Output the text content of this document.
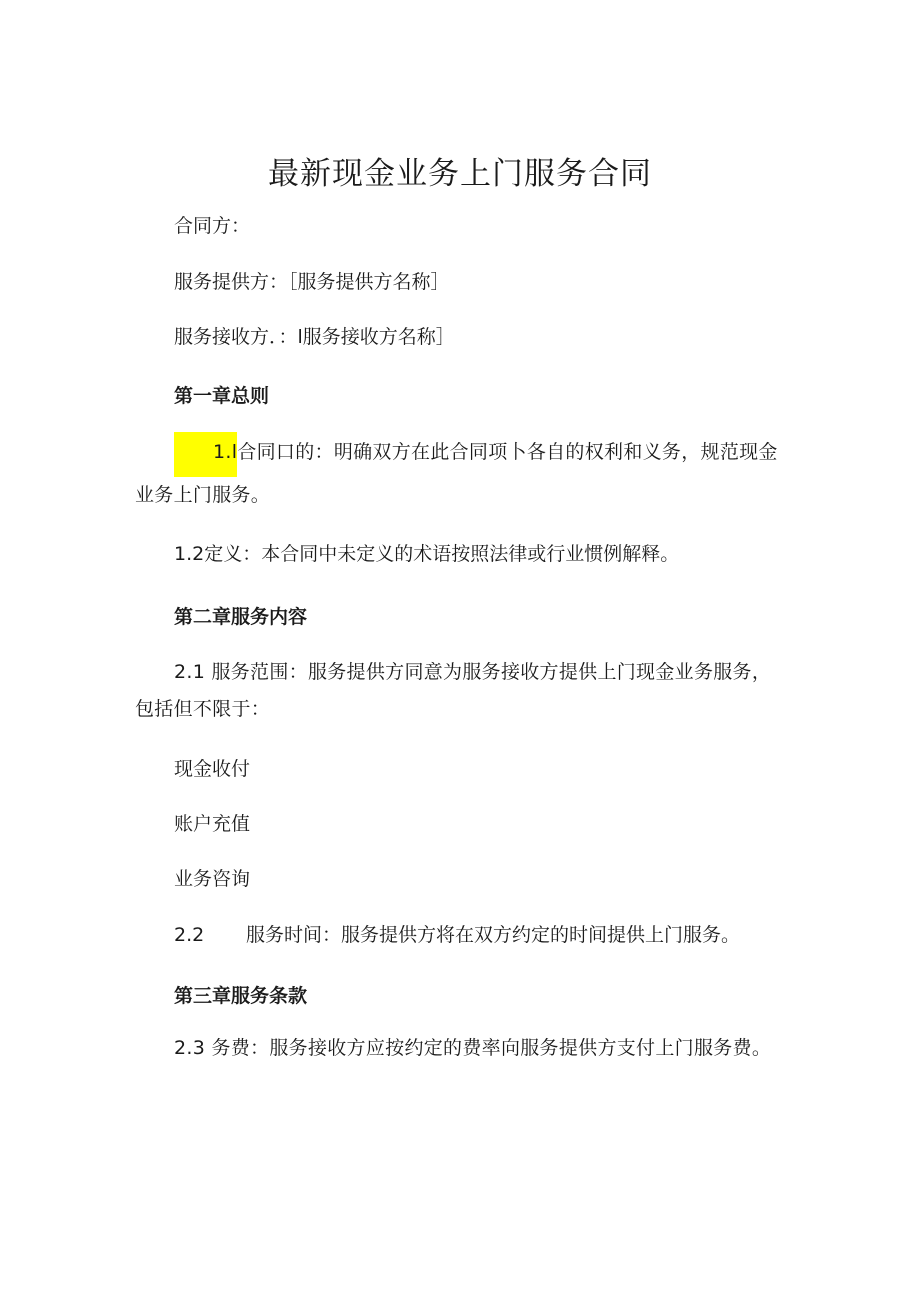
最新现金业务上门服务合同
合同方：
服务提供方：［服务提供方名称］
服务接收方．：l服务接收方名称］
第一章总则
1.l合同口的：明确双方在此合同项卜各自的权利和义务，规范现金业务上门服务。
1.2定义：本合同中未定义的术语按照法律或行业惯例解释。
第二章服务内容
2.1 服务范围：服务提供方同意为服务接收方提供上门现金业务服务，包括但不限于：
现金收付
账户充值
业务咨询
2.2 服务时间：服务提供方将在双方约定的时间提供上门服务。
第三章服务条款
2.3 务费：服务接收方应按约定的费率向服务提供方支付上门服务费。
